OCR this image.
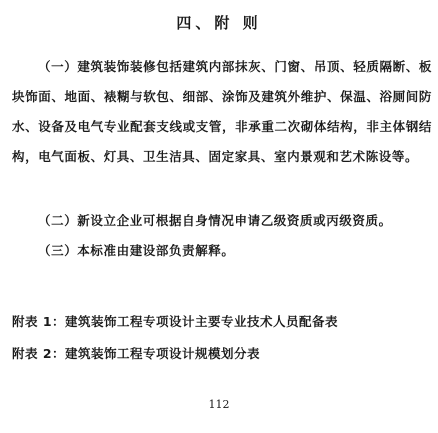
四、附 则
（一）建筑装饰装修包括建筑内部抹灰、门窗、吊顶、轻质隔断、板块饰面、地面、裱糊与软包、细部、涂饰及建筑外维护、保温、浴厕间防水、设备及电气专业配套支线或支管，非承重二次砌体结构，非主体钢结构，电气面板、灯具、卫生洁具、固定家具、室内景观和艺术陈设等。
（二）新设立企业可根据自身情况申请乙级资质或丙级资质。
（三）本标准由建设部负责解释。
附表 1：建筑装饰工程专项设计主要专业技术人员配备表
附表 2：建筑装饰工程专项设计规模划分表
112
